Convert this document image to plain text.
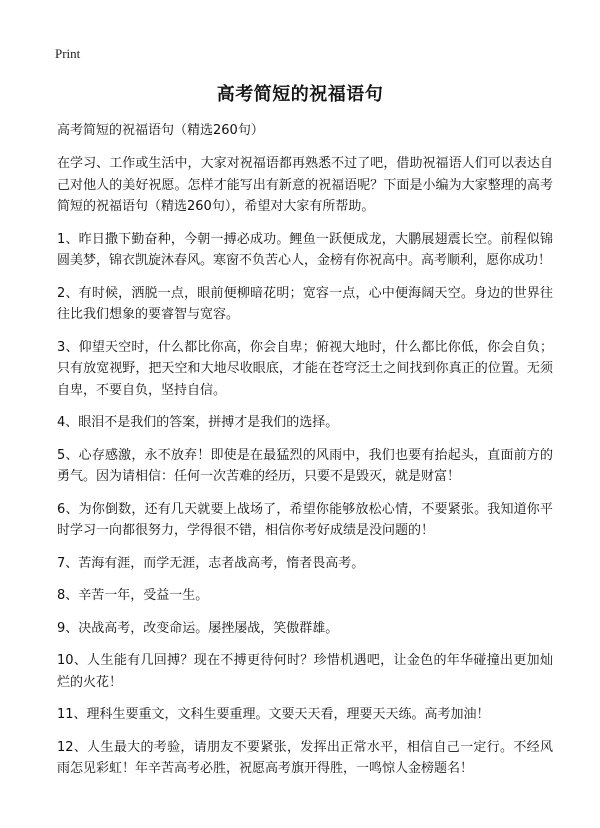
Print
高考简短的祝福语句

高考简短的祝福语句（精选260句）

在学习、工作或生活中，大家对祝福语都再熟悉不过了吧，借助祝福语人们可以表达自己对他人的美好祝愿。怎样才能写出有新意的祝福语呢？下面是小编为大家整理的高考简短的祝福语句（精选260句），希望对大家有所帮助。

1、昨日撒下勤奋种，今朝一搏必成功。鲤鱼一跃便成龙，大鹏展翅震长空。前程似锦圆美梦，锦衣凯旋沐春风。寒窗不负苦心人，金榜有你祝高中。高考顺利，愿你成功！

2、有时候，洒脱一点，眼前便柳暗花明；宽容一点，心中便海阔天空。身边的世界往往比我们想象的要睿智与宽容。

3、仰望天空时，什么都比你高，你会自卑；俯视大地时，什么都比你低，你会自负；只有放宽视野，把天空和大地尽收眼底，才能在苍穹泛土之间找到你真正的位置。无须自卑，不要自负，坚持自信。

4、眼泪不是我们的答案，拼搏才是我们的选择。

5、心存感激，永不放弃！即使是在最猛烈的风雨中，我们也要有抬起头，直面前方的勇气。因为请相信：任何一次苦难的经历，只要不是毁灭，就是财富！

6、为你倒数，还有几天就要上战场了，希望你能够放松心情，不要紧张。我知道你平时学习一向都很努力，学得很不错，相信你考好成绩是没问题的！

7、苦海有涯，而学无涯，志者战高考，惰者畏高考。

8、辛苦一年，受益一生。

9、决战高考，改变命运。屡挫屡战，笑傲群雄。

10、人生能有几回搏？现在不搏更待何时？珍惜机遇吧，让金色的年华碰撞出更加灿烂的火花！

11、理科生要重文，文科生要重理。文要天天看，理要天天练。高考加油！

12、人生最大的考验，请朋友不要紧张，发挥出正常水平，相信自己一定行。不经风雨怎见彩虹！年辛苦高考必胜，祝愿高考旗开得胜，一鸣惊人金榜题名！
